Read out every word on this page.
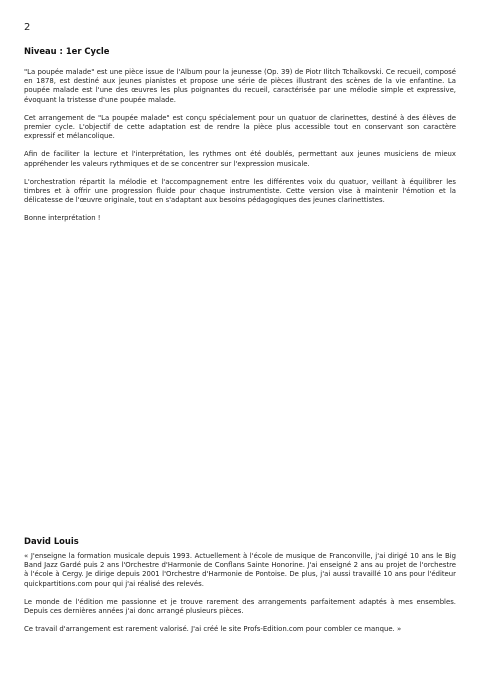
2
Niveau : 1er Cycle

"La poupée malade" est une pièce issue de l'Album pour la jeunesse (Op. 39) de Piotr Ilitch Tchaïkovski. Ce recueil, composé en 1878, est destiné aux jeunes pianistes et propose une série de pièces illustrant des scènes de la vie enfantine. La poupée malade est l'une des œuvres les plus poignantes du recueil, caractérisée par une mélodie simple et expressive, évoquant la tristesse d'une poupée malade.

Cet arrangement de "La poupée malade" est conçu spécialement pour un quatuor de clarinettes, destiné à des élèves de premier cycle. L'objectif de cette adaptation est de rendre la pièce plus accessible tout en conservant son caractère expressif et mélancolique.

Afin de faciliter la lecture et l'interprétation, les rythmes ont été doublés, permettant aux jeunes musiciens de mieux appréhender les valeurs rythmiques et de se concentrer sur l'expression musicale.

L'orchestration répartit la mélodie et l'accompagnement entre les différentes voix du quatuor, veillant à équilibrer les timbres et à offrir une progression fluide pour chaque instrumentiste. Cette version vise à maintenir l'émotion et la délicatesse de l'œuvre originale, tout en s'adaptant aux besoins pédagogiques des jeunes clarinettistes.

Bonne interprétation !

David Louis

« J'enseigne la formation musicale depuis 1993. Actuellement à l'école de musique de Franconville, j'ai dirigé 10 ans le Big Band Jazz Gardé puis 2 ans l'Orchestre d'Harmonie de Conflans Sainte Honorine. J'ai enseigné 2 ans au projet de l'orchestre à l'école à Cergy. Je dirige depuis 2001 l'Orchestre d'Harmonie de Pontoise. De plus, j'ai aussi travaillé 10 ans pour l'éditeur quickpartitions.com pour qui j'ai réalisé des relevés.

Le monde de l'édition me passionne et je trouve rarement des arrangements parfaitement adaptés à mes ensembles. Depuis ces dernières années j'ai donc arrangé plusieurs pièces.

Ce travail d'arrangement est rarement valorisé. J'ai créé le site Profs-Edition.com pour combler ce manque. »
